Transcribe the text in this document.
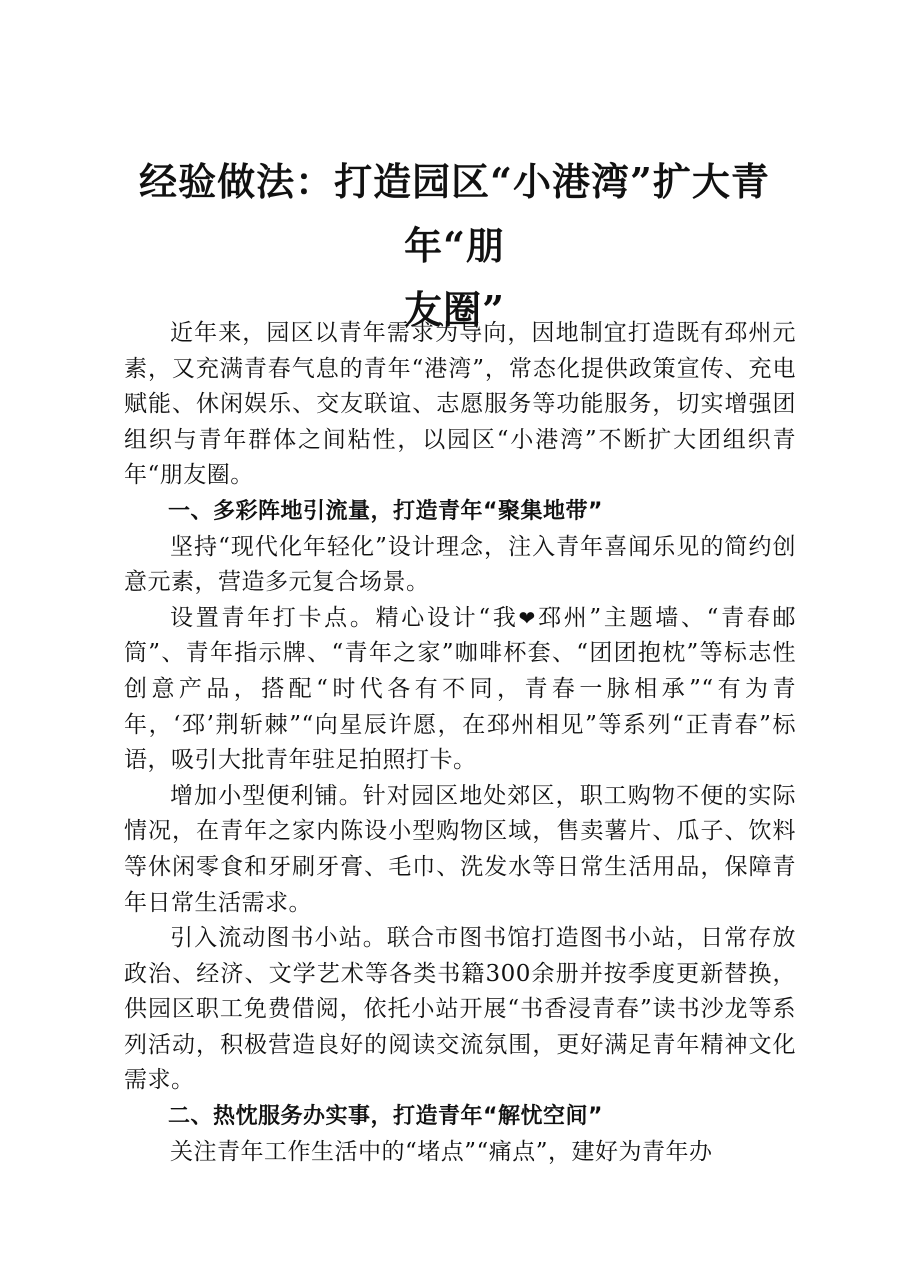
经验做法：打造园区“小港湾”扩大青年“朋
友圈”

近年来，园区以青年需求为导向，因地制宜打造既有邳州元素，又充满青春气息的青年“港湾”，常态化提供政策宣传、充电赋能、休闲娱乐、交友联谊、志愿服务等功能服务，切实增强团组织与青年群体之间粘性，以园区“小港湾”不断扩大团组织青年“朋友圈。

一、多彩阵地引流量，打造青年“聚集地带”

坚持“现代化年轻化”设计理念，注入青年喜闻乐见的简约创意元素，营造多元复合场景。

设置青年打卡点。精心设计“我❤邳州”主题墙、“青春邮筒”、青年指示牌、“青年之家”咖啡杯套、“团团抱枕”等标志性创意产品，搭配“时代各有不同，青春一脉相承”“有为青年，‘邳’荆斩棘”“向星辰许愿，在邳州相见”等系列“正青春”标语，吸引大批青年驻足拍照打卡。

增加小型便利铺。针对园区地处郊区，职工购物不便的实际情况，在青年之家内陈设小型购物区域，售卖薯片、瓜子、饮料等休闲零食和牙刷牙膏、毛巾、洗发水等日常生活用品，保障青年日常生活需求。

引入流动图书小站。联合市图书馆打造图书小站，日常存放政治、经济、文学艺术等各类书籍300余册并按季度更新替换，供园区职工免费借阅，依托小站开展“书香浸青春”读书沙龙等系列活动，积极营造良好的阅读交流氛围，更好满足青年精神文化需求。

二、热忱服务办实事，打造青年“解忧空间”

关注青年工作生活中的“堵点”“痛点”，建好为青年办
